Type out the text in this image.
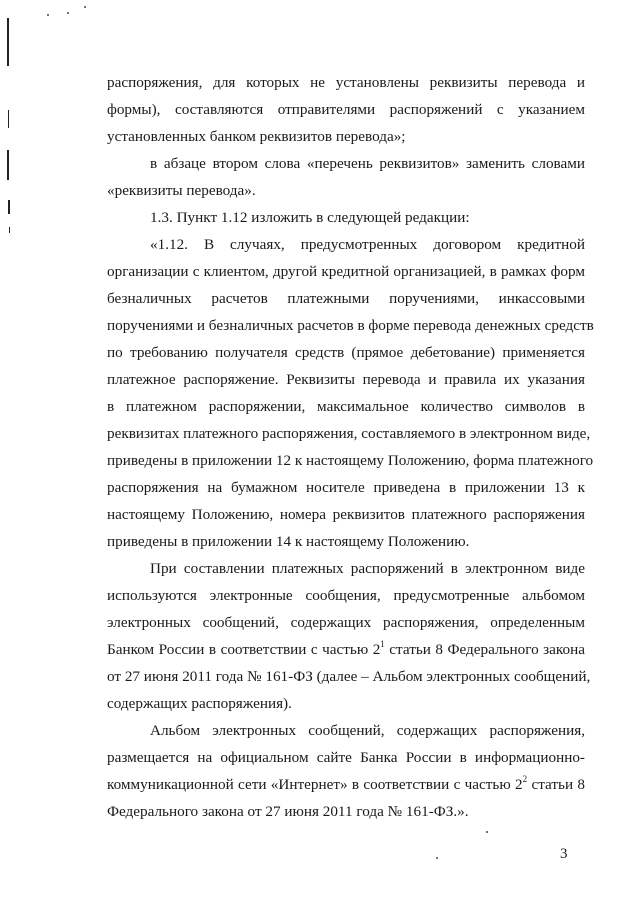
распоряжения, для которых не установлены реквизиты перевода и
формы), составляются отправителями распоряжений с указанием
установленных банком реквизитов перевода»;
в абзаце втором слова «перечень реквизитов» заменить словами
«реквизиты перевода».
1.3. Пункт 1.12 изложить в следующей редакции:
«1.12. В случаях, предусмотренных договором кредитной
организации с клиентом, другой кредитной организацией, в рамках форм
безналичных расчетов платежными поручениями, инкассовыми
поручениями и безналичных расчетов в форме перевода денежных средств
по требованию получателя средств (прямое дебетование) применяется
платежное распоряжение. Реквизиты перевода и правила их указания
в платежном распоряжении, максимальное количество символов в
реквизитах платежного распоряжения, составляемого в электронном виде,
приведены в приложении 12 к настоящему Положению, форма платежного
распоряжения на бумажном носителе приведена в приложении 13 к
настоящему Положению, номера реквизитов платежного распоряжения
приведены в приложении 14 к настоящему Положению.
При составлении платежных распоряжений в электронном виде
используются электронные сообщения, предусмотренные альбомом
электронных сообщений, содержащих распоряжения, определенным
Банком России в соответствии с частью $2^1$ статьи 8 Федерального закона
от 27 июня 2011 года № 161-ФЗ (далее – Альбом электронных сообщений,
содержащих распоряжения).
Альбом электронных сообщений, содержащих распоряжения,
размещается на официальном сайте Банка России в информационно-
коммуникационной сети «Интернет» в соответствии с частью $2^2$ статьи 8
Федерального закона от 27 июня 2011 года № 161-ФЗ.».
3
